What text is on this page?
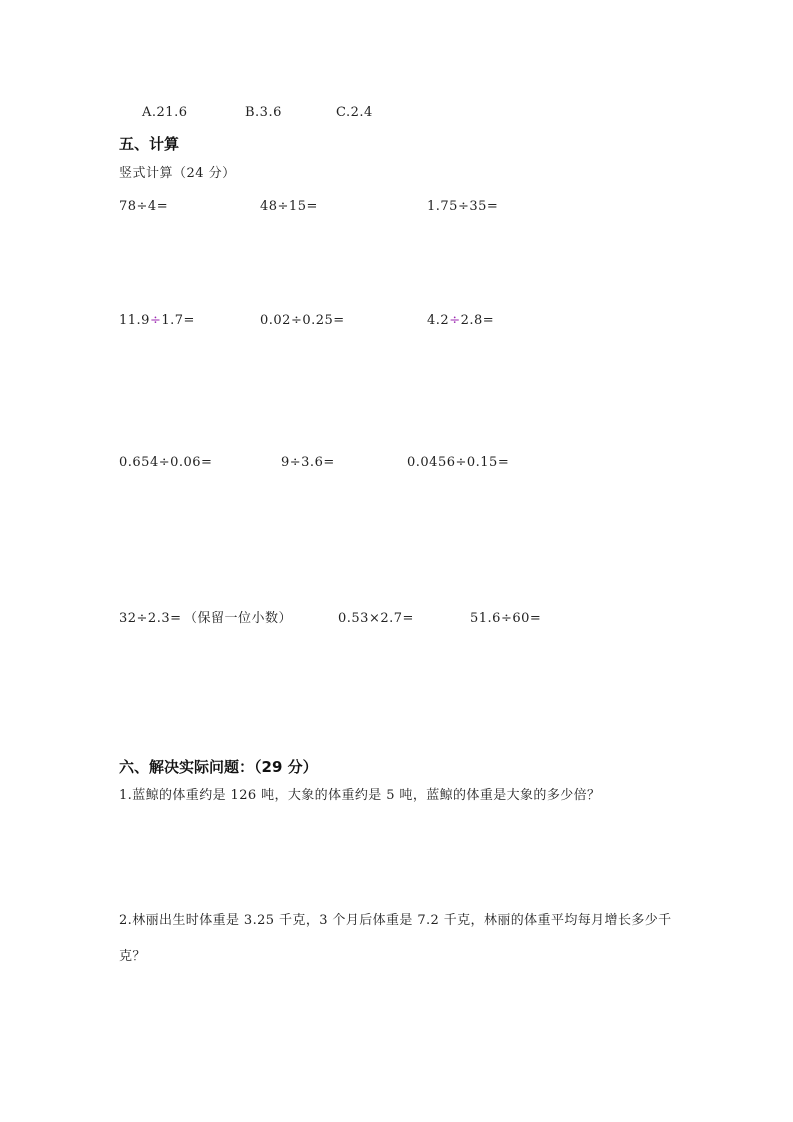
A.21.6	B.3.6	C.2.4
五、计算
竖式计算（24 分）
78÷4=	48÷15=	1.75÷35=
11.9÷1.7=	0.02÷0.25=	4.2÷2.8=
0.654÷0.06=	9÷3.6=	0.0456÷0.15=
32÷2.3= （保留一位小数）	0.53×2.7=	51.6÷60=
六、解决实际问题：（29 分）
1.蓝鲸的体重约是 126 吨，大象的体重约是 5 吨，蓝鲸的体重是大象的多少倍？
2.林丽出生时体重是 3.25 千克，3 个月后体重是 7.2 千克，林丽的体重平均每月增长多少千克？
